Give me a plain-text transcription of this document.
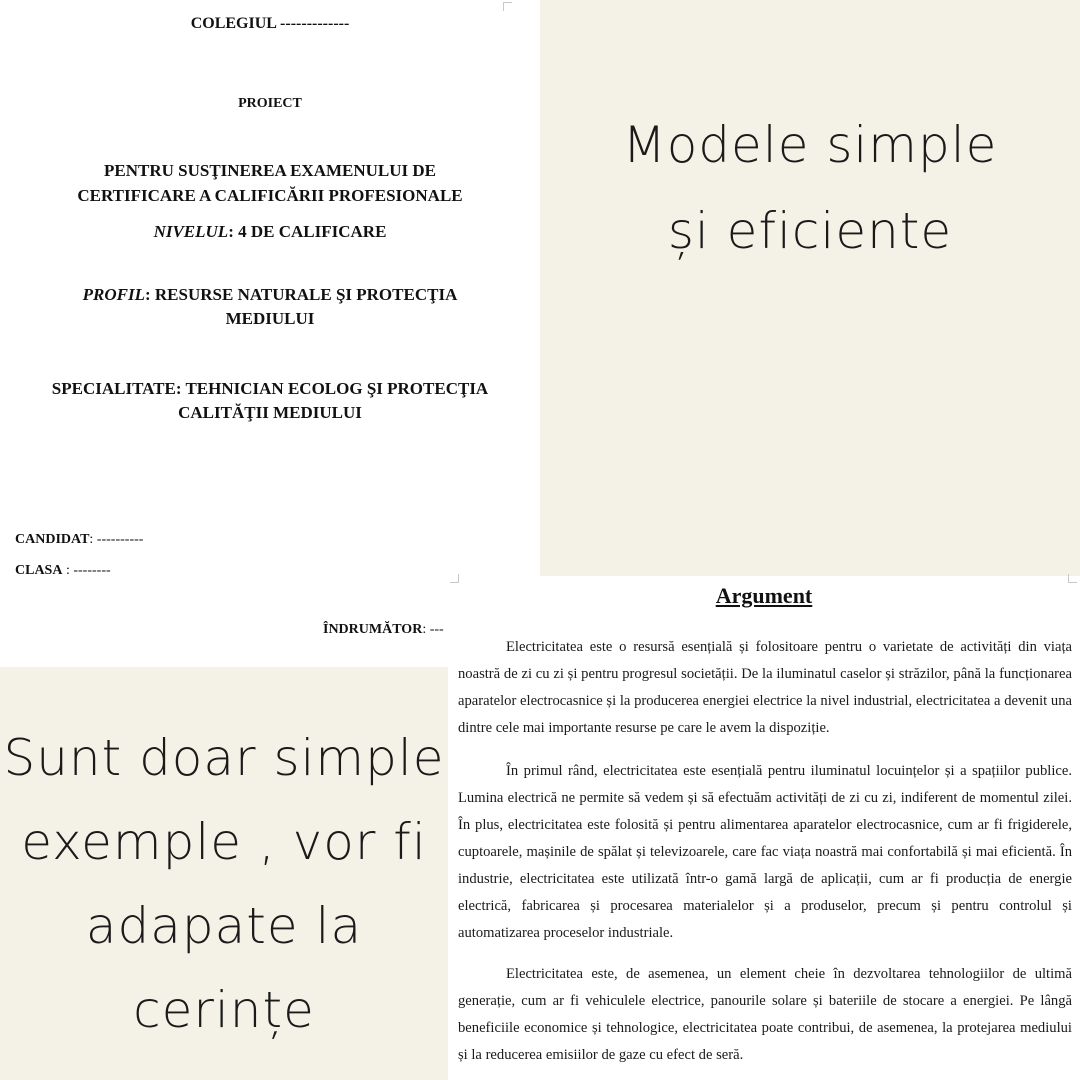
COLEGIUL -------------
PROIECT
PENTRU SUSŢINEREA EXAMENULUI DE
CERTIFICARE A CALIFICĂRII PROFESIONALE
NIVELUL: 4 DE CALIFICARE
PROFIL: RESURSE NATURALE ŞI PROTECŢIA
MEDIULUI
SPECIALITATE: TEHNICIAN ECOLOG ŞI PROTECŢIA
CALITĂŢII MEDIULUI
CANDIDAT: ----------
CLASA : --------
ÎNDRUMĂTOR: ---
Modele simple
și eficiente
Sunt doar simple
exemple , vor fi
adapate la
cerințe
Argument

Electricitatea este o resursă esențială și folositoare pentru o varietate de activități din viața noastră de zi cu zi și pentru progresul societății. De la iluminatul caselor și străzilor, până la funcționarea aparatelor electrocasnice și la producerea energiei electrice la nivel industrial, electricitatea a devenit una dintre cele mai importante resurse pe care le avem la dispoziție.

În primul rând, electricitatea este esențială pentru iluminatul locuințelor și a spațiilor publice. Lumina electrică ne permite să vedem și să efectuăm activități de zi cu zi, indiferent de momentul zilei. În plus, electricitatea este folosită și pentru alimentarea aparatelor electrocasnice, cum ar fi frigiderele, cuptoarele, mașinile de spălat și televizoarele, care fac viața noastră mai confortabilă și mai eficientă. În industrie, electricitatea este utilizată într-o gamă largă de aplicații, cum ar fi producția de energie electrică, fabricarea și procesarea materialelor și a produselor, precum și pentru controlul și automatizarea proceselor industriale.

Electricitatea este, de asemenea, un element cheie în dezvoltarea tehnologiilor de ultimă generație, cum ar fi vehiculele electrice, panourile solare și bateriile de stocare a energiei. Pe lângă beneficiile economice și tehnologice, electricitatea poate contribui, de asemenea, la protejarea mediului și la reducerea emisiilor de gaze cu efect de seră.
